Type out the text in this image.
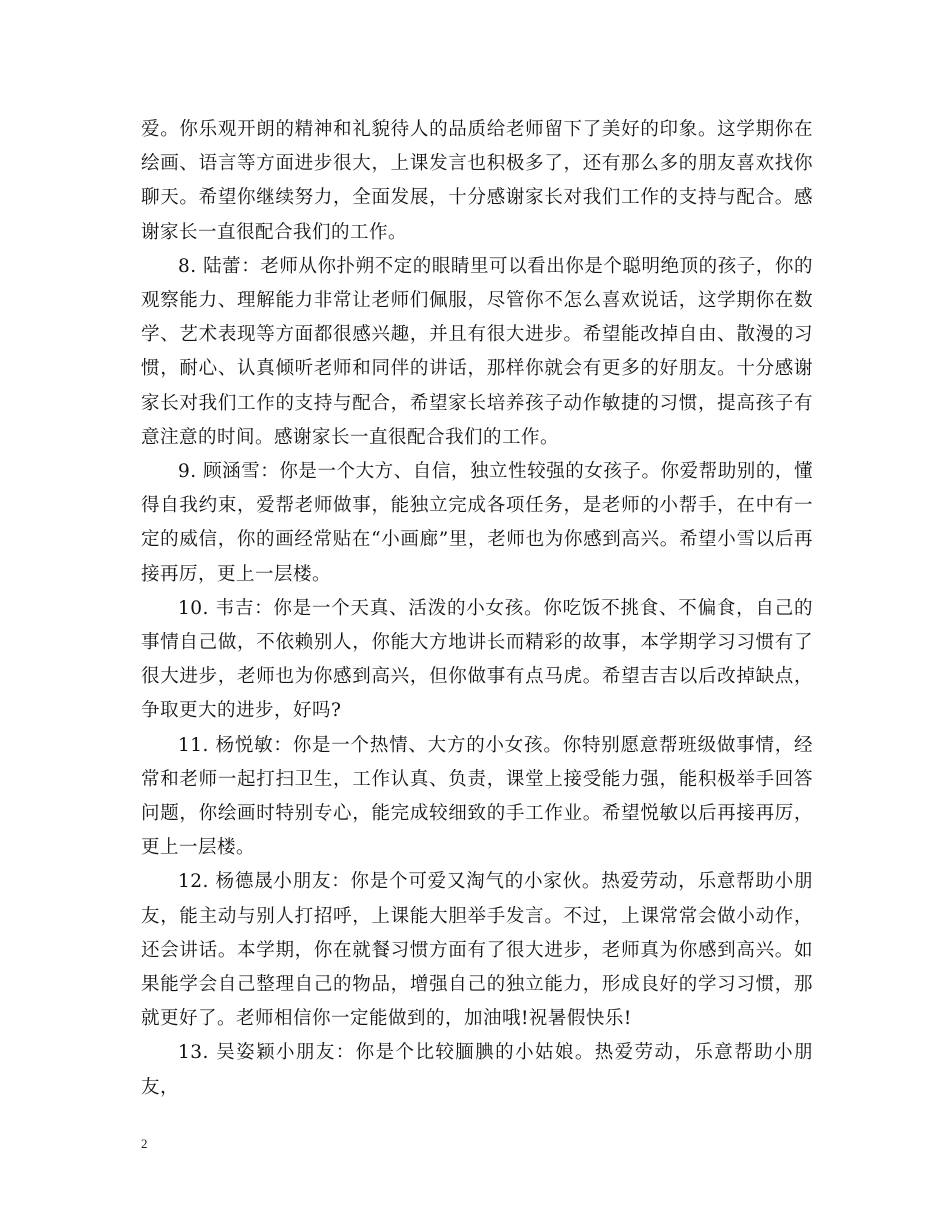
爱。你乐观开朗的精神和礼貌待人的品质给老师留下了美好的印象。这学期你在绘画、语言等方面进步很大，上课发言也积极多了，还有那么多的朋友喜欢找你聊天。希望你继续努力，全面发展，十分感谢家长对我们工作的支持与配合。感谢家长一直很配合我们的工作。

8. 陆蕾：老师从你扑朔不定的眼睛里可以看出你是个聪明绝顶的孩子，你的观察能力、理解能力非常让老师们佩服，尽管你不怎么喜欢说话，这学期你在数学、艺术表现等方面都很感兴趣，并且有很大进步。希望能改掉自由、散漫的习惯，耐心、认真倾听老师和同伴的讲话，那样你就会有更多的好朋友。十分感谢家长对我们工作的支持与配合，希望家长培养孩子动作敏捷的习惯，提高孩子有意注意的时间。感谢家长一直很配合我们的工作。

9. 顾涵雪：你是一个大方、自信，独立性较强的女孩子。你爱帮助别的，懂得自我约束，爱帮老师做事，能独立完成各项任务，是老师的小帮手，在中有一定的威信，你的画经常贴在“小画廊”里，老师也为你感到高兴。希望小雪以后再接再厉，更上一层楼。

10. 韦吉：你是一个天真、活泼的小女孩。你吃饭不挑食、不偏食，自己的事情自己做，不依赖别人，你能大方地讲长而精彩的故事，本学期学习习惯有了很大进步，老师也为你感到高兴，但你做事有点马虎。希望吉吉以后改掉缺点，争取更大的进步，好吗?

11. 杨悦敏：你是一个热情、大方的小女孩。你特别愿意帮班级做事情，经常和老师一起打扫卫生，工作认真、负责，课堂上接受能力强，能积极举手回答问题，你绘画时特别专心，能完成较细致的手工作业。希望悦敏以后再接再厉，更上一层楼。

12. 杨德晟小朋友：你是个可爱又淘气的小家伙。热爱劳动，乐意帮助小朋友，能主动与别人打招呼，上课能大胆举手发言。不过，上课常常会做小动作，还会讲话。本学期，你在就餐习惯方面有了很大进步，老师真为你感到高兴。如果能学会自己整理自己的物品，增强自己的独立能力，形成良好的学习习惯，那就更好了。老师相信你一定能做到的，加油哦!祝暑假快乐!

13. 吴姿颖小朋友：你是个比较腼腆的小姑娘。热爱劳动，乐意帮助小朋友，

2
